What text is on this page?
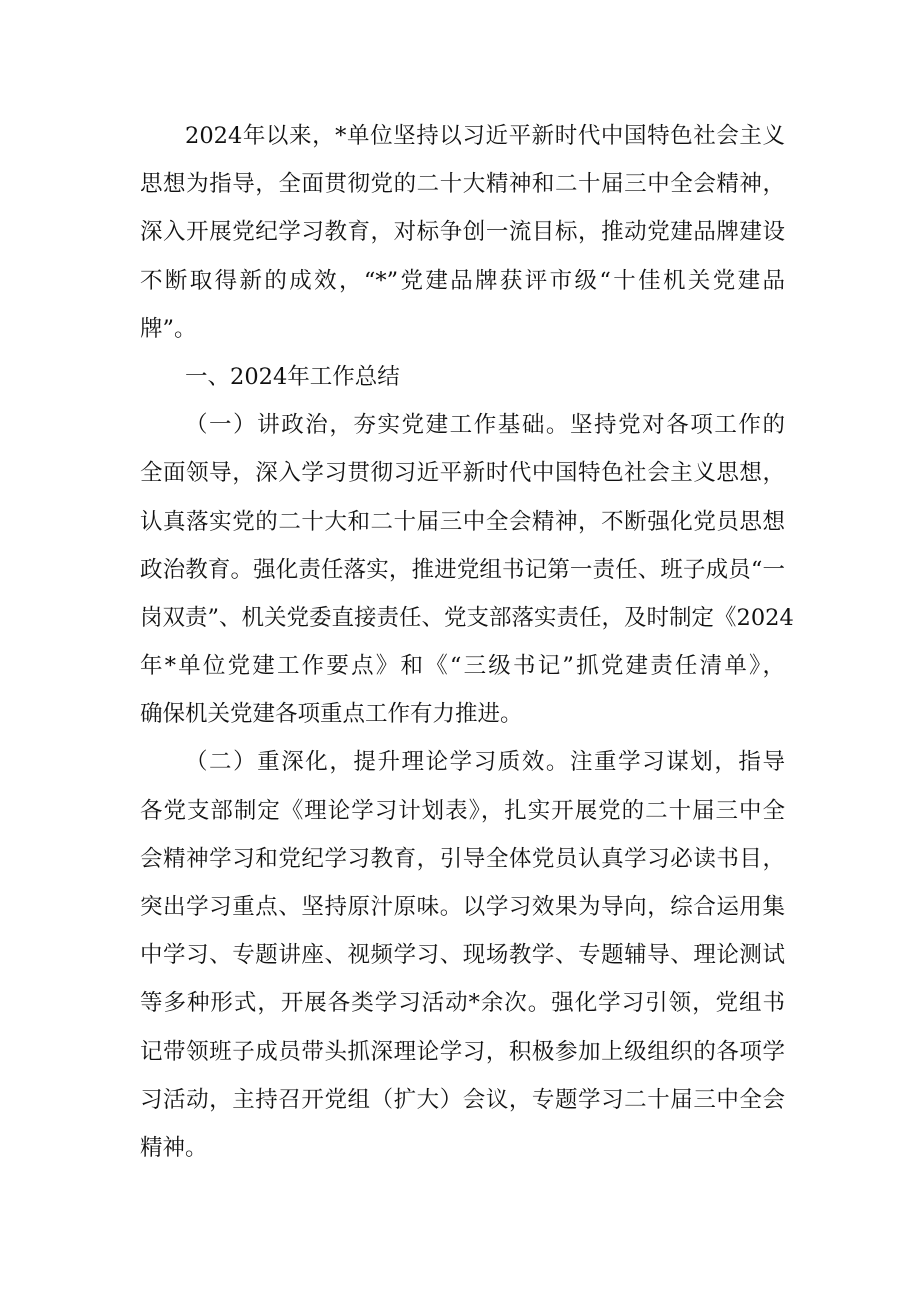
2024年以来，*单位坚持以习近平新时代中国特色社会主义
思想为指导，全面贯彻党的二十大精神和二十届三中全会精神，
深入开展党纪学习教育，对标争创一流目标，推动党建品牌建设
不断取得新的成效，“*”党建品牌获评市级“十佳机关党建品
牌”。
一、2024年工作总结
（一）讲政治，夯实党建工作基础。坚持党对各项工作的
全面领导，深入学习贯彻习近平新时代中国特色社会主义思想，
认真落实党的二十大和二十届三中全会精神，不断强化党员思想
政治教育。强化责任落实，推进党组书记第一责任、班子成员“一
岗双责”、机关党委直接责任、党支部落实责任，及时制定《2024
年*单位党建工作要点》和《“三级书记”抓党建责任清单》，
确保机关党建各项重点工作有力推进。
（二）重深化，提升理论学习质效。注重学习谋划，指导
各党支部制定《理论学习计划表》，扎实开展党的二十届三中全
会精神学习和党纪学习教育，引导全体党员认真学习必读书目，
突出学习重点、坚持原汁原味。以学习效果为导向，综合运用集
中学习、专题讲座、视频学习、现场教学、专题辅导、理论测试
等多种形式，开展各类学习活动*余次。强化学习引领，党组书
记带领班子成员带头抓深理论学习，积极参加上级组织的各项学
习活动，主持召开党组（扩大）会议，专题学习二十届三中全会
精神。
